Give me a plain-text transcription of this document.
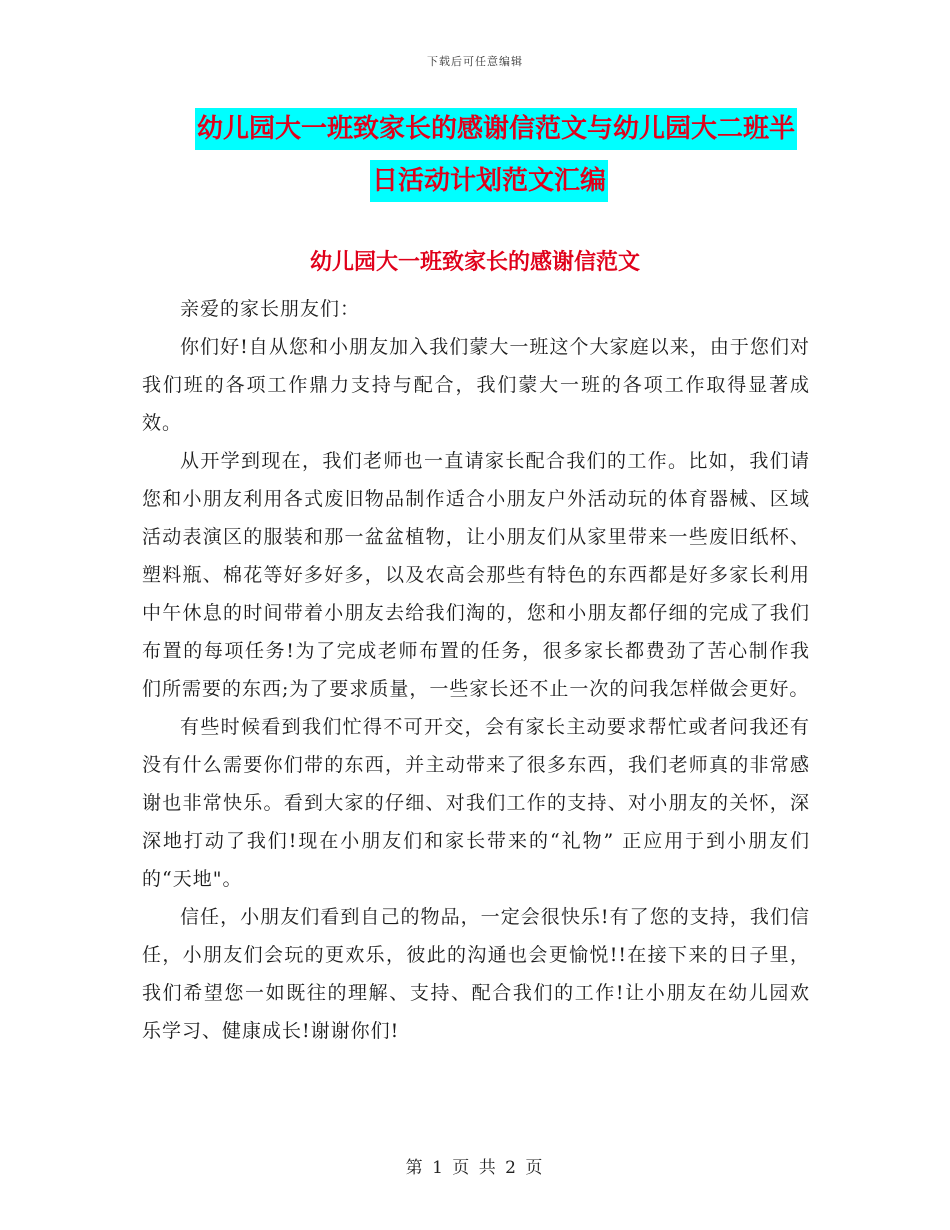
下载后可任意编辑
幼儿园大一班致家长的感谢信范文与幼儿园大二班半
日活动计划范文汇编
幼儿园大一班致家长的感谢信范文

亲爱的家长朋友们：

你们好!自从您和小朋友加入我们蒙大一班这个大家庭以来，由于您们对我们班的各项工作鼎力支持与配合，我们蒙大一班的各项工作取得显著成效。

从开学到现在，我们老师也一直请家长配合我们的工作。比如，我们请您和小朋友利用各式废旧物品制作适合小朋友户外活动玩的体育器械、区域活动表演区的服装和那一盆盆植物，让小朋友们从家里带来一些废旧纸杯、塑料瓶、棉花等好多好多，以及农高会那些有特色的东西都是好多家长利用中午休息的时间带着小朋友去给我们淘的，您和小朋友都仔细的完成了我们布置的每项任务!为了完成老师布置的任务，很多家长都费劲了苦心制作我们所需要的东西;为了要求质量，一些家长还不止一次的问我怎样做会更好。

有些时候看到我们忙得不可开交，会有家长主动要求帮忙或者问我还有没有什么需要你们带的东西，并主动带来了很多东西，我们老师真的非常感谢也非常快乐。看到大家的仔细、对我们工作的支持、对小朋友的关怀，深深地打动了我们!现在小朋友们和家长带来的“礼物” 正应用于到小朋友们的“天地"。

信任，小朋友们看到自己的物品，一定会很快乐!有了您的支持，我们信任，小朋友们会玩的更欢乐，彼此的沟通也会更愉悦!!在接下来的日子里，我们希望您一如既往的理解、支持、配合我们的工作!让小朋友在幼儿园欢乐学习、健康成长!谢谢你们!

第 1 页 共 2 页
